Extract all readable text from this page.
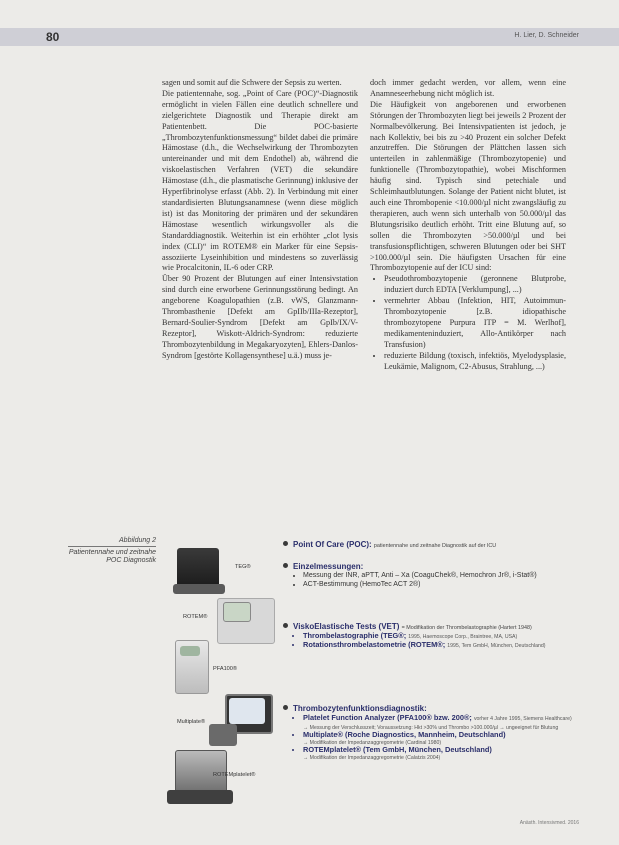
80	H. Lier, D. Schneider

sagen und somit auf die Schwere der Sepsis zu werten.

Die patientennahe, sog. „Point of Care (POC)“-Diagnostik ermöglicht in vielen Fällen eine deutlich schnellere und zielgerichtete Diagnostik und Therapie direkt am Patientenbett. Die POC-basierte „Thrombozytenfunktionsmessung“ bildet dabei die primäre Hämostase (d.h., die Wechselwirkung der Thrombozyten untereinander und mit dem Endothel) ab, während die viskoelastischen Verfahren (VET) die sekundäre Hämostase (d.h., die plasmatische Gerinnung) inklusive der Hyperfibrinolyse erfasst (Abb. 2). In Verbindung mit einer standardisierten Blutungsanamnese (wenn diese möglich ist) ist das Monitoring der primären und der sekundären Hämostase wesentlich wirkungsvoller als die Standarddiagnostik. Weiterhin ist ein erhöhter „clot lysis index (CLI)“ im ROTEM® ein Marker für eine Sepsis-assoziierte Lyseinhibition und mindestens so zuverlässig wie Procalcitonin, IL-6 oder CRP.

Über 90 Prozent der Blutungen auf einer Intensivstation sind durch eine erworbene Gerinnungsstörung bedingt. An angeborene Koagulopathien (z.B. vWS, Glanzmann-Thrombasthenie [Defekt am GpIIb/IIIa-Rezeptor], Bernard-Soulier-Syndrom [Defekt am GpIb/IX/V-Rezeptor], Wiskott-Aldrich-Syndrom: reduzierte Thrombozytenbildung in Megakaryozyten], Ehlers-Danlos-Syndrom [gestörte Kollagensynthese] u.ä.) muss je-

doch immer gedacht werden, vor allem, wenn eine Anamneseerhebung nicht möglich ist.

Die Häufigkeit von angeborenen und erworbenen Störungen der Thrombozyten liegt bei jeweils 2 Prozent der Normalbevölkerung. Bei Intensivpatienten ist jedoch, je nach Kollektiv, bei bis zu >40 Prozent ein solcher Defekt anzutreffen. Die Störungen der Plättchen lassen sich unterteilen in zahlenmäßige (Thrombozytopenie) und funktionelle (Thrombozytopathie), wobei Mischformen häufig sind. Typisch sind petechiale und Schleimhautblutungen. Solange der Patient nicht blutet, ist auch eine Thrombopenie <10.000/µl nicht zwangsläufig zu therapieren, auch wenn sich unterhalb von 50.000/µl das Blutungsrisiko deutlich erhöht. Tritt eine Blutung auf, so sollen die Thrombozyten >50.000/µl und bei transfusionspflichtigen, schweren Blutungen oder bei SHT >100.000/µl sein. Die häufigsten Ursachen für eine Thrombozytopenie auf der ICU sind:

• Pseudothrombozytopenie (geronnene Blutprobe, induziert durch EDTA [Verklumpung], ...)
• vermehrter Abbau (Infektion, HIT, Autoimmun-Thrombozytopenie [z.B. idiopathische thrombozytopene Purpura ITP = M. Werlhof], medikamenteninduziert, Allo-Antikörper nach Transfusion)
• reduzierte Bildung (toxisch, infektiös, Myelodysplasie, Leukämie, Malignom, C2-Abusus, Strahlung, ...)
Abbildung 2
Patientennahe und zeitnahe POC Diagnostik
TEG®
ROTEM®
PFA100®
Multiplate®
ROTEMplatelet®
Point Of Care (POC): patientennahe und zeitnahe Diagnostik auf der ICU
Einzelmessungen:
• Messung der INR, aPTT, Anti – Xa (CoaguChek®, Hemochron Jr®, i-Stat®)
• ACT-Bestimmung (HemoTec ACT 2®)
ViskoElastische Tests (VET) = Modifikation der Thrombelastographie (Hartert 1948)
• Thrombelastographie (TEG®; 1995, Haemoscope Corp., Braintree, MA, USA)
• Rotationsthrombelastometrie (ROTEM®; 1995, Tem GmbH, München, Deutschland)
Thrombozytenfunktionsdiagnostik:
• Platelet Function Analyzer (PFA100® bzw. 200®; vorher 4 Jahre 1995, Siemens Healthcare) → Messung der Verschlusszeit; Voraussetzung: Hkt >30% und Thrombo >100.000/µl → ungeeignet für Blutung
• Multiplate® (Roche Diagnostics, Mannheim, Deutschland)
→ Modifikation der Impedanzaggregometrie (Cardinal 1980)
• ROTEMplatelet® (Tem GmbH, München, Deutschland)
→ Modifikation der Impedanzaggregometrie (Calatzis 2004)
Anästh. Intensivmed. 2016
